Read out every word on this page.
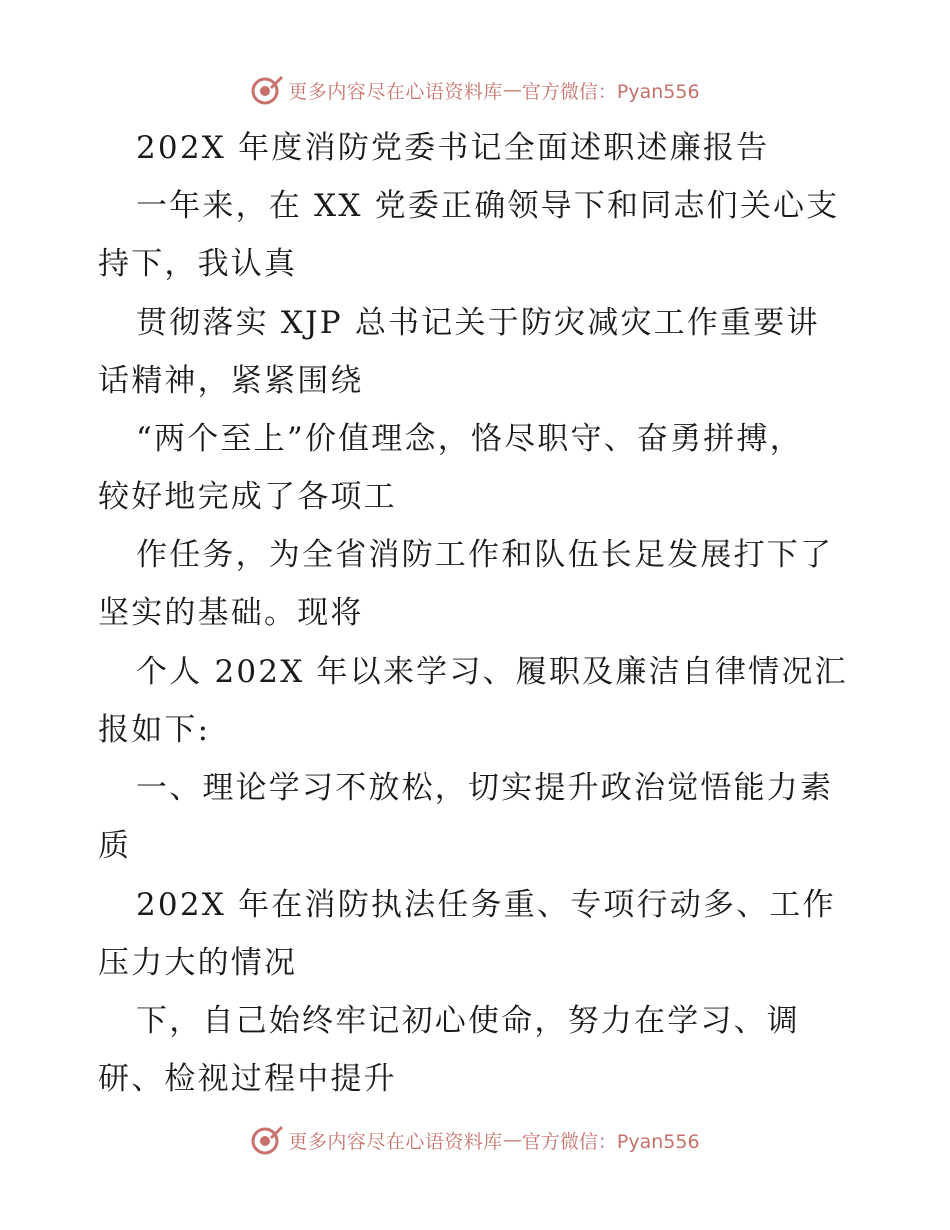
更多内容尽在心语资料库 — 官方微信：Pyan556
202X 年度消防党委书记全面述职述廉报告
一年来，在 XX 党委正确领导下和同志们关心支
持下，我认真
贯彻落实 XJP 总书记关于防灾减灾工作重要讲
话精神，紧紧围绕
“两个至上”价值理念，恪尽职守、奋勇拼搏，
较好地完成了各项工
作任务，为全省消防工作和队伍长足发展打下了
坚实的基础。现将
个人 202X 年以来学习、履职及廉洁自律情况汇
报如下:
一、理论学习不放松，切实提升政治觉悟能力素
质
202X 年在消防执法任务重、专项行动多、工作
压力大的情况
下，自己始终牢记初心使命，努力在学习、调
研、检视过程中提升
更多内容尽在心语资料库 — 官方微信：Pyan556
